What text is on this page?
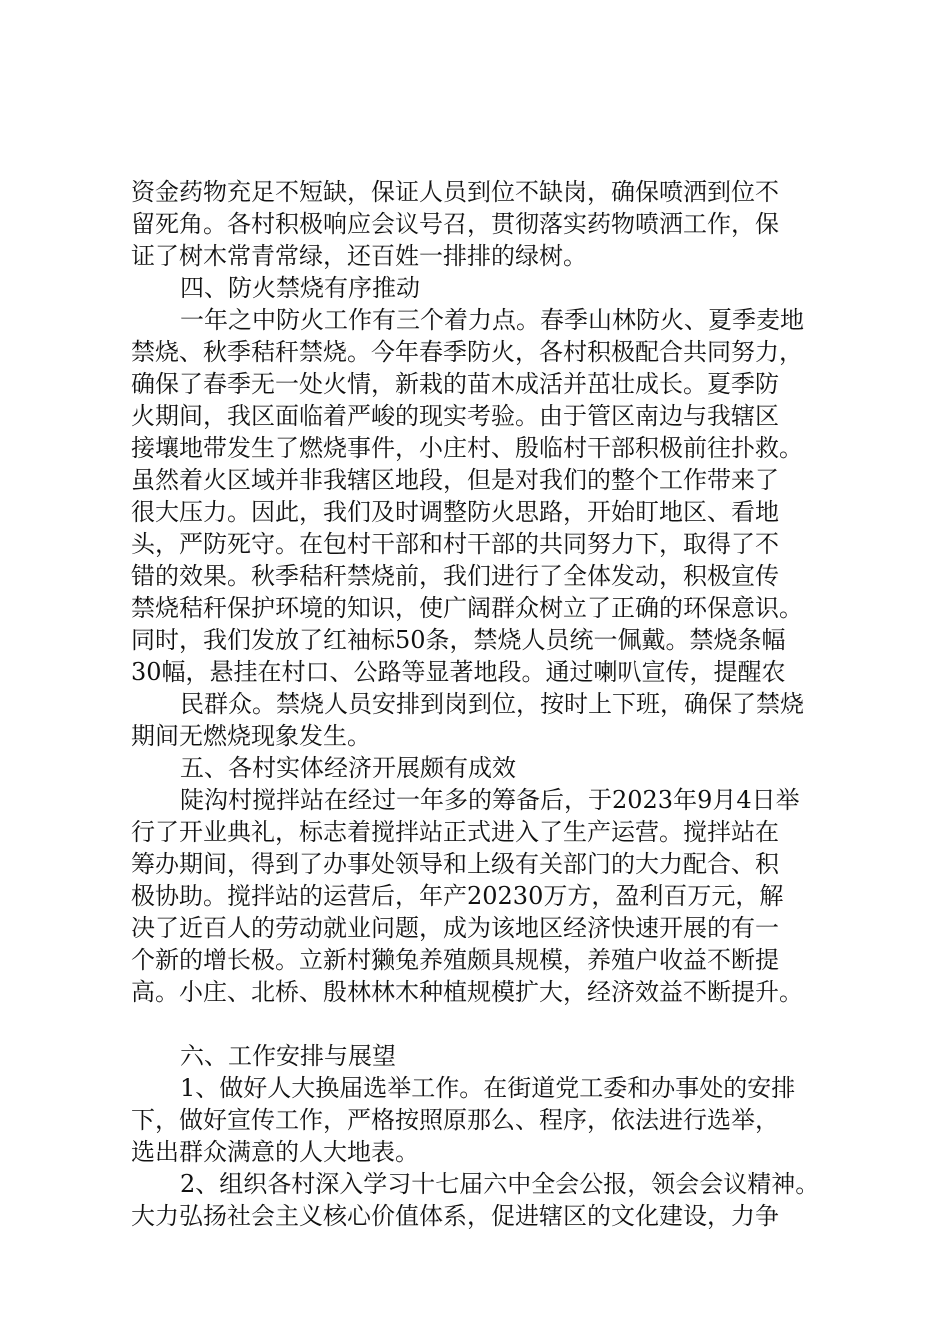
资金药物充足不短缺，保证人员到位不缺岗，确保喷洒到位不
留死角。各村积极响应会议号召，贯彻落实药物喷洒工作，保
证了树木常青常绿，还百姓一排排的绿树。
四、防火禁烧有序推动
一年之中防火工作有三个着力点。春季山林防火、夏季麦地
禁烧、秋季秸秆禁烧。今年春季防火，各村积极配合共同努力，
确保了春季无一处火情，新栽的苗木成活并茁壮成长。夏季防
火期间，我区面临着严峻的现实考验。由于管区南边与我辖区
接壤地带发生了燃烧事件，小庄村、殷临村干部积极前往扑救。
虽然着火区域并非我辖区地段，但是对我们的整个工作带来了
很大压力。因此，我们及时调整防火思路，开始盯地区、看地
头，严防死守。在包村干部和村干部的共同努力下，取得了不
错的效果。秋季秸秆禁烧前，我们进行了全体发动，积极宣传
禁烧秸秆保护环境的知识，使广阔群众树立了正确的环保意识。
同时，我们发放了红袖标50条，禁烧人员统一佩戴。禁烧条幅
30幅，悬挂在村口、公路等显著地段。通过喇叭宣传，提醒农
民群众。禁烧人员安排到岗到位，按时上下班，确保了禁烧
期间无燃烧现象发生。
五、各村实体经济开展颇有成效
陡沟村搅拌站在经过一年多的筹备后，于2023年9月4日举
行了开业典礼，标志着搅拌站正式进入了生产运营。搅拌站在
筹办期间，得到了办事处领导和上级有关部门的大力配合、积
极协助。搅拌站的运营后，年产20230万方，盈利百万元，解
决了近百人的劳动就业问题，成为该地区经济快速开展的有一
个新的增长极。立新村獭兔养殖颇具规模，养殖户收益不断提
高。小庄、北桥、殷林林木种植规模扩大，经济效益不断提升。
六、工作安排与展望
1、做好人大换届选举工作。在街道党工委和办事处的安排
下，做好宣传工作，严格按照原那么、程序，依法进行选举，
选出群众满意的人大地表。
2、组织各村深入学习十七届六中全会公报，领会会议精神。
大力弘扬社会主义核心价值体系，促进辖区的文化建设，力争
